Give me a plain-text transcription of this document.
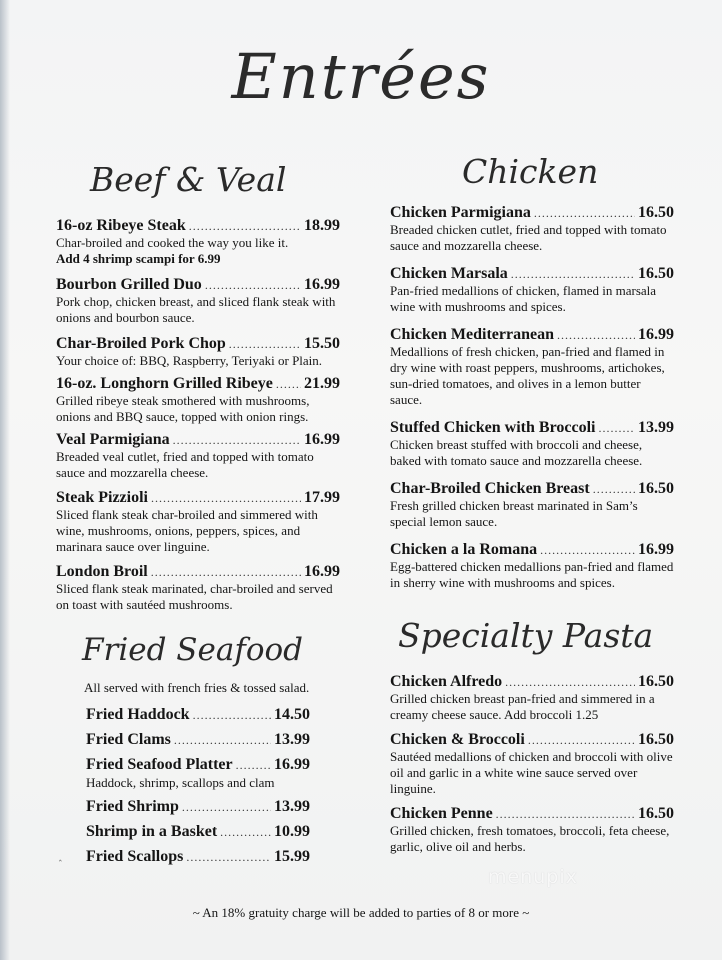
Entrées
Beef & Veal
16-oz Ribeye Steak .....	18.99
Char-broiled and cooked the way you like it.
Add 4 shrimp scampi for 6.99
Bourbon Grilled Duo .....	16.99
Pork chop, chicken breast, and sliced flank steak with onions and bourbon sauce.
Char-Broiled Pork Chop .....	15.50
Your choice of: BBQ, Raspberry, Teriyaki or Plain.
16-oz. Longhorn Grilled Ribeye ..... 21.99
Grilled ribeye steak smothered with mushrooms, onions and BBQ sauce, topped with onion rings.
Veal Parmigiana .....	16.99
Breaded veal cutlet, fried and topped with tomato sauce and mozzarella cheese.
Steak Pizzioli .....	17.99
Sliced flank steak char-broiled and simmered with wine, mushrooms, onions, peppers, spices, and marinara sauce over linguine.
London Broil .....	16.99
Sliced flank steak marinated, char-broiled and served on toast with sautéed mushrooms.
Fried Seafood
All served with french fries & tossed salad.
Fried Haddock .....	14.50
Fried Clams .....	13.99
Fried Seafood Platter .....	16.99
Haddock, shrimp, scallops and clam
Fried Shrimp .....	13.99
Shrimp in a Basket .....	10.99
Fried Scallops .....	15.99
Chicken
Chicken Parmigiana .....	16.50
Breaded chicken cutlet, fried and topped with tomato sauce and mozzarella cheese.
Chicken Marsala .....	16.50
Pan-fried medallions of chicken, flamed in marsala wine with mushrooms and spices.
Chicken Mediterranean .....	16.99
Medallions of fresh chicken, pan-fried and flamed in dry wine with roast peppers, mushrooms, artichokes, sun-dried tomatoes, and olives in a lemon butter sauce.
Stuffed Chicken with Broccoli .....	13.99
Chicken breast stuffed with broccoli and cheese, baked with tomato sauce and mozzarella cheese.
Char-Broiled Chicken Breast .....	16.50
Fresh grilled chicken breast marinated in Sam’s special lemon sauce.
Chicken a la Romana .....	16.99
Egg-battered chicken medallions pan-fried and flamed in sherry wine with mushrooms and spices.
Specialty Pasta
Chicken Alfredo .....	16.50
Grilled chicken breast pan-fried and simmered in a creamy cheese sauce. Add broccoli 1.25
Chicken & Broccoli .....	16.50
Sautéed medallions of chicken and broccoli with olive oil and garlic in a white wine sauce served over linguine.
Chicken Penne .....	16.50
Grilled chicken, fresh tomatoes, broccoli, feta cheese, garlic, olive oil and herbs.
˰
menupix
~ An 18% gratuity charge will be added to parties of 8 or more ~
